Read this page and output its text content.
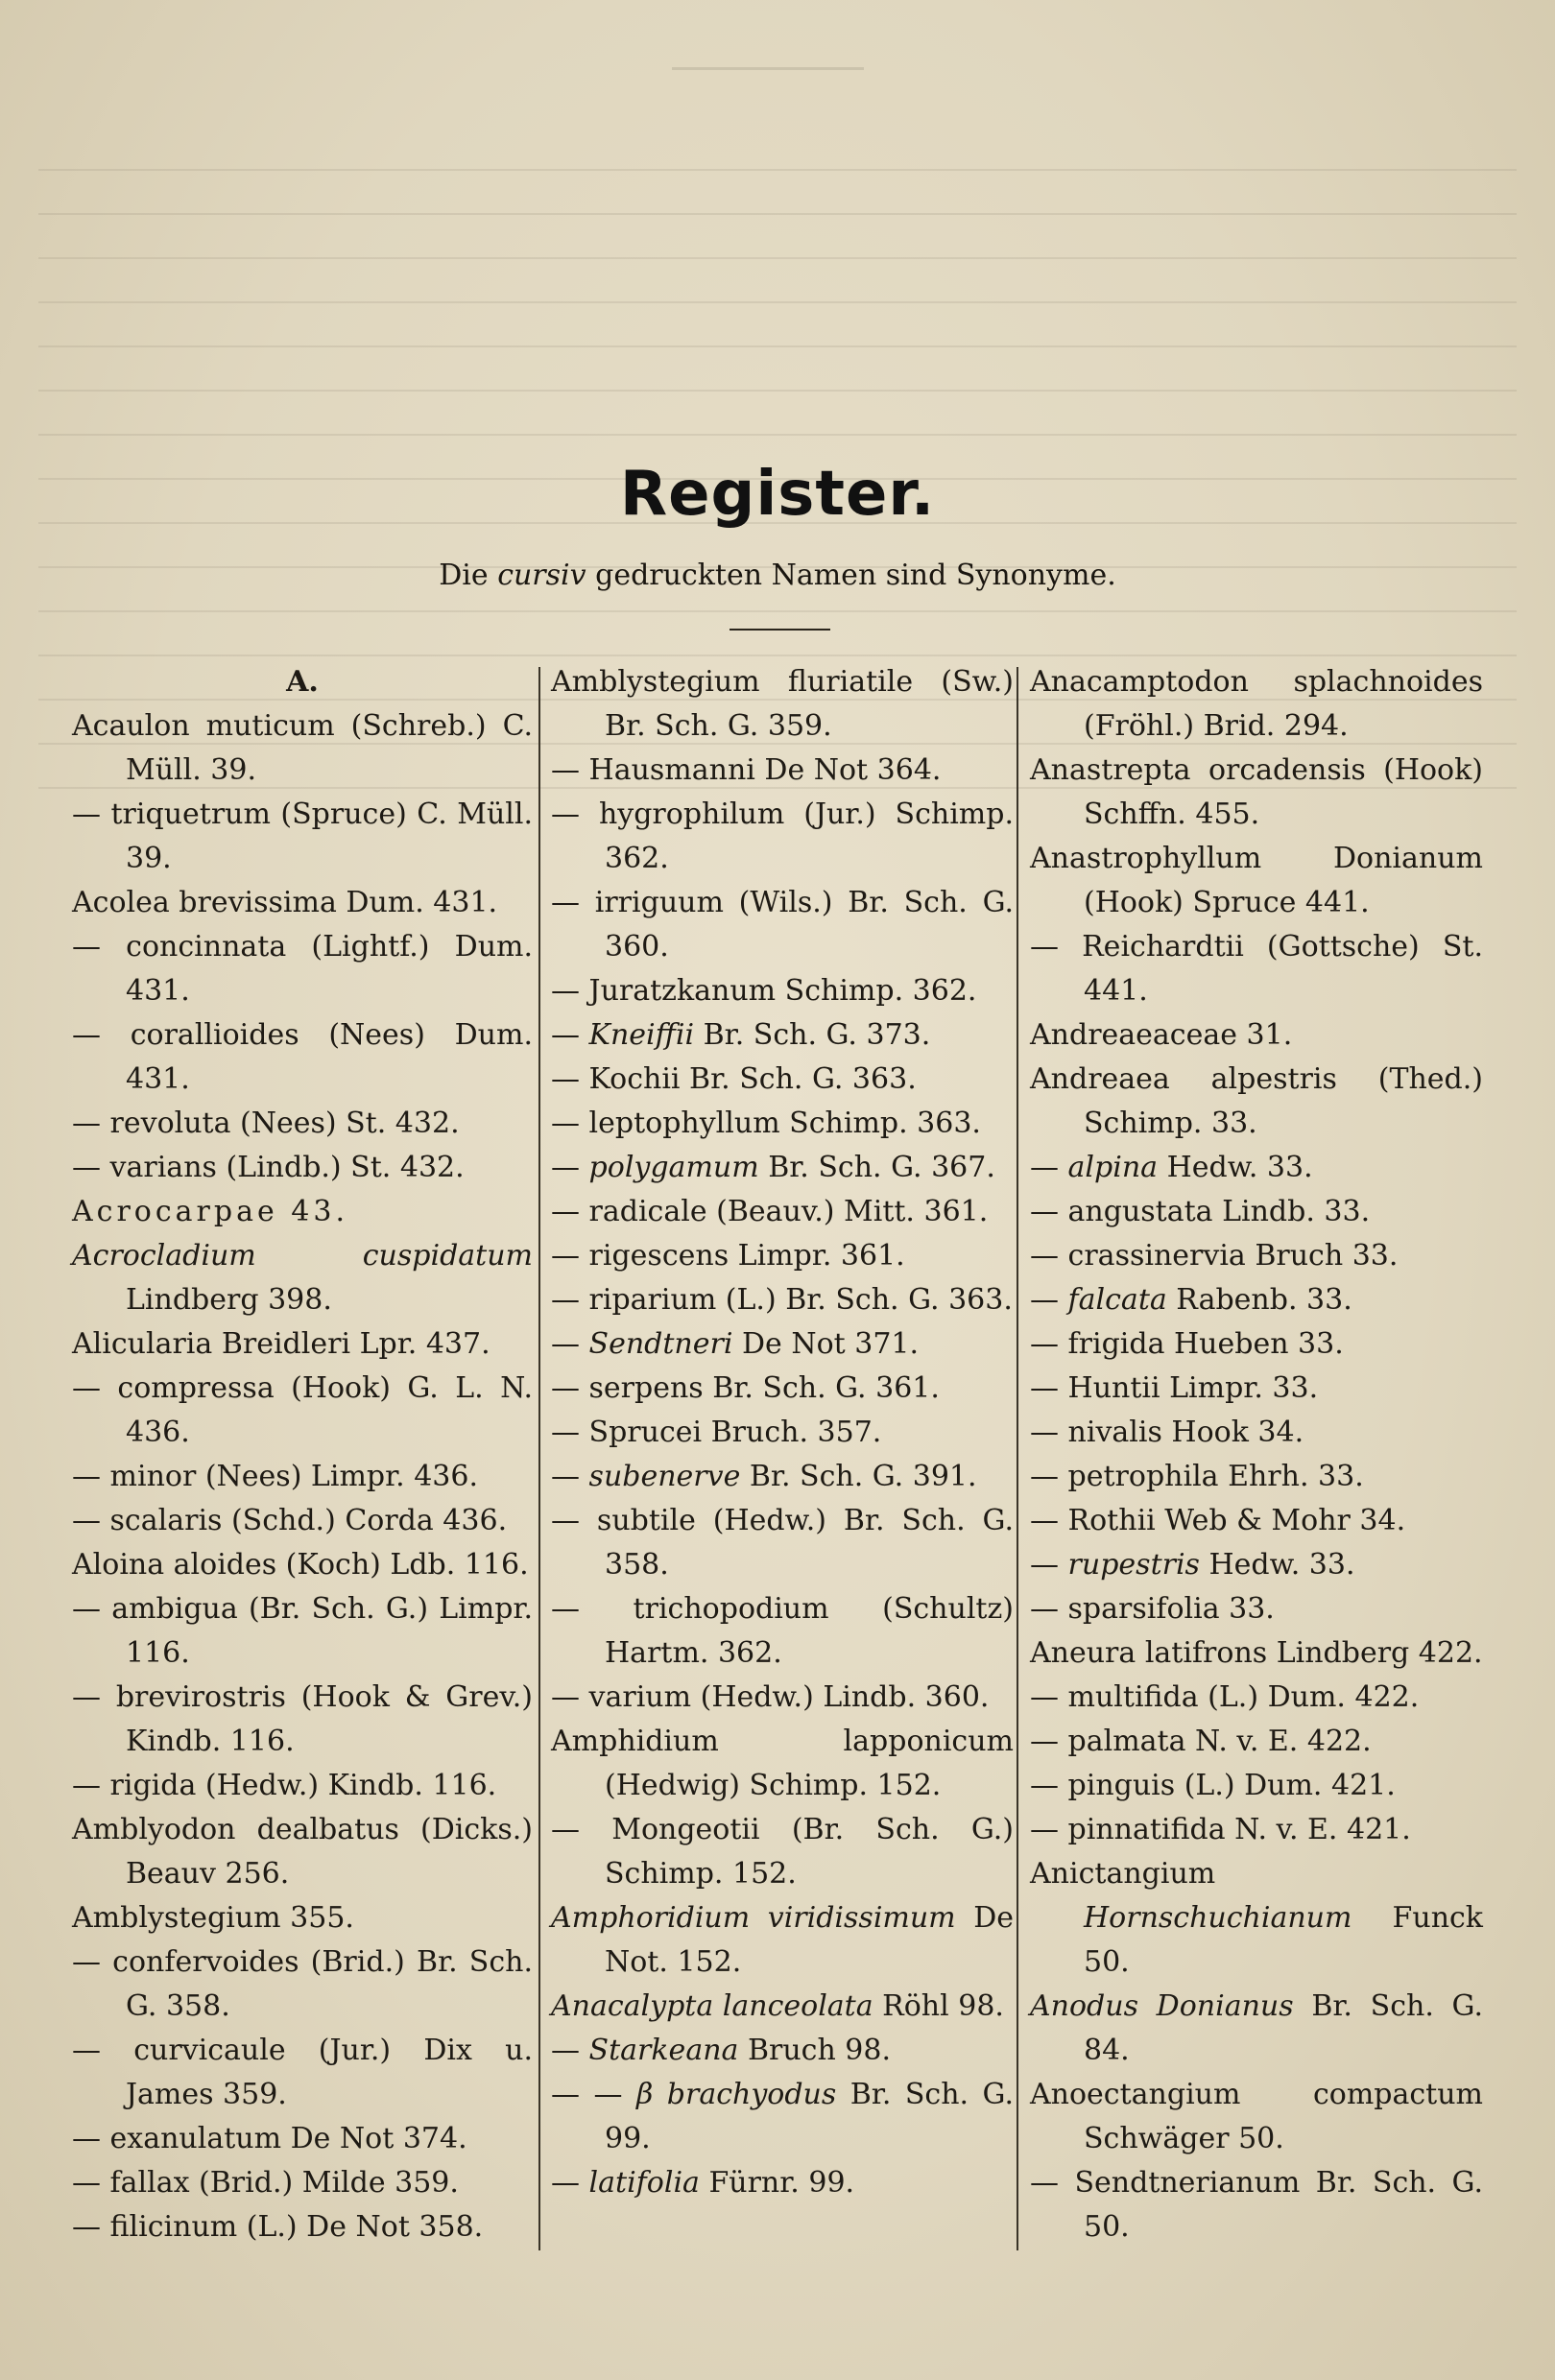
Register.
Die cursiv gedruckten Namen sind Synonyme.
A.
Acaulon muticum (Schreb.) C. Müll. 39.
— triquetrum (Spruce) C. Müll. 39.
Acolea brevissima Dum. 431.
— concinnata (Lightf.) Dum. 431.
— corallioides (Nees) Dum. 431.
— revoluta (Nees) St. 432.
— varians (Lindb.) St. 432.
Acrocarpae 43.
Acrocladium cuspidatum Lindberg 398.
Alicularia Breidleri Lpr. 437.
— compressa (Hook) G. L. N. 436.
— minor (Nees) Limpr. 436.
— scalaris (Schd.) Corda 436.
Aloina aloides (Koch) Ldb. 116.
— ambigua (Br. Sch. G.) Limpr. 116.
— brevirostris (Hook & Grev.) Kindb. 116.
— rigida (Hedw.) Kindb. 116.
Amblyodon dealbatus (Dicks.) Beauv 256.
Amblystegium 355.
— confervoides (Brid.) Br. Sch. G. 358.
— curvicaule (Jur.) Dix u. James 359.
— exanulatum De Not 374.
— fallax (Brid.) Milde 359.
— filicinum (L.) De Not 358.
Amblystegium fluriatile (Sw.) Br. Sch. G. 359.
— Hausmanni De Not 364.
— hygrophilum (Jur.) Schimp. 362.
— irriguum (Wils.) Br. Sch. G. 360.
— Juratzkanum Schimp. 362.
— Kneiffii Br. Sch. G. 373.
— Kochii Br. Sch. G. 363.
— leptophyllum Schimp. 363.
— polygamum Br. Sch. G. 367.
— radicale (Beauv.) Mitt. 361.
— rigescens Limpr. 361.
— riparium (L.) Br. Sch. G. 363.
— Sendtneri De Not 371.
— serpens Br. Sch. G. 361.
— Sprucei Bruch. 357.
— subenerve Br. Sch. G. 391.
— subtile (Hedw.) Br. Sch. G. 358.
— trichopodium (Schultz) Hartm. 362.
— varium (Hedw.) Lindb. 360.
Amphidium lapponicum (Hedwig) Schimp. 152.
— Mongeotii (Br. Sch. G.) Schimp. 152.
Amphoridium viridissimum De Not. 152.
Anacalypta lanceolata Röhl 98.
— Starkeana Bruch 98.
— — β brachyodus Br. Sch. G. 99.
— latifolia Fürnr. 99.
Anacamptodon splachnoides (Fröhl.) Brid. 294.
Anastrepta orcadensis (Hook) Schffn. 455.
Anastrophyllum Donianum (Hook) Spruce 441.
— Reichardtii (Gottsche) St. 441.
Andreaeaceae 31.
Andreaea alpestris (Thed.) Schimp. 33.
— alpina Hedw. 33.
— angustata Lindb. 33.
— crassinervia Bruch 33.
— falcata Rabenb. 33.
— frigida Hueben 33.
— Huntii Limpr. 33.
— nivalis Hook 34.
— petrophila Ehrh. 33.
— Rothii Web & Mohr 34.
— rupestris Hedw. 33.
— sparsifolia 33.
Aneura latifrons Lindberg 422.
— multifida (L.) Dum. 422.
— palmata N. v. E. 422.
— pinguis (L.) Dum. 421.
— pinnatifida N. v. E. 421.
Anictangium Hornschuchianum Funck 50.
Anodus Donianus Br. Sch. G. 84.
Anoectangium compactum Schwäger 50.
— Sendtnerianum Br. Sch. G. 50.
